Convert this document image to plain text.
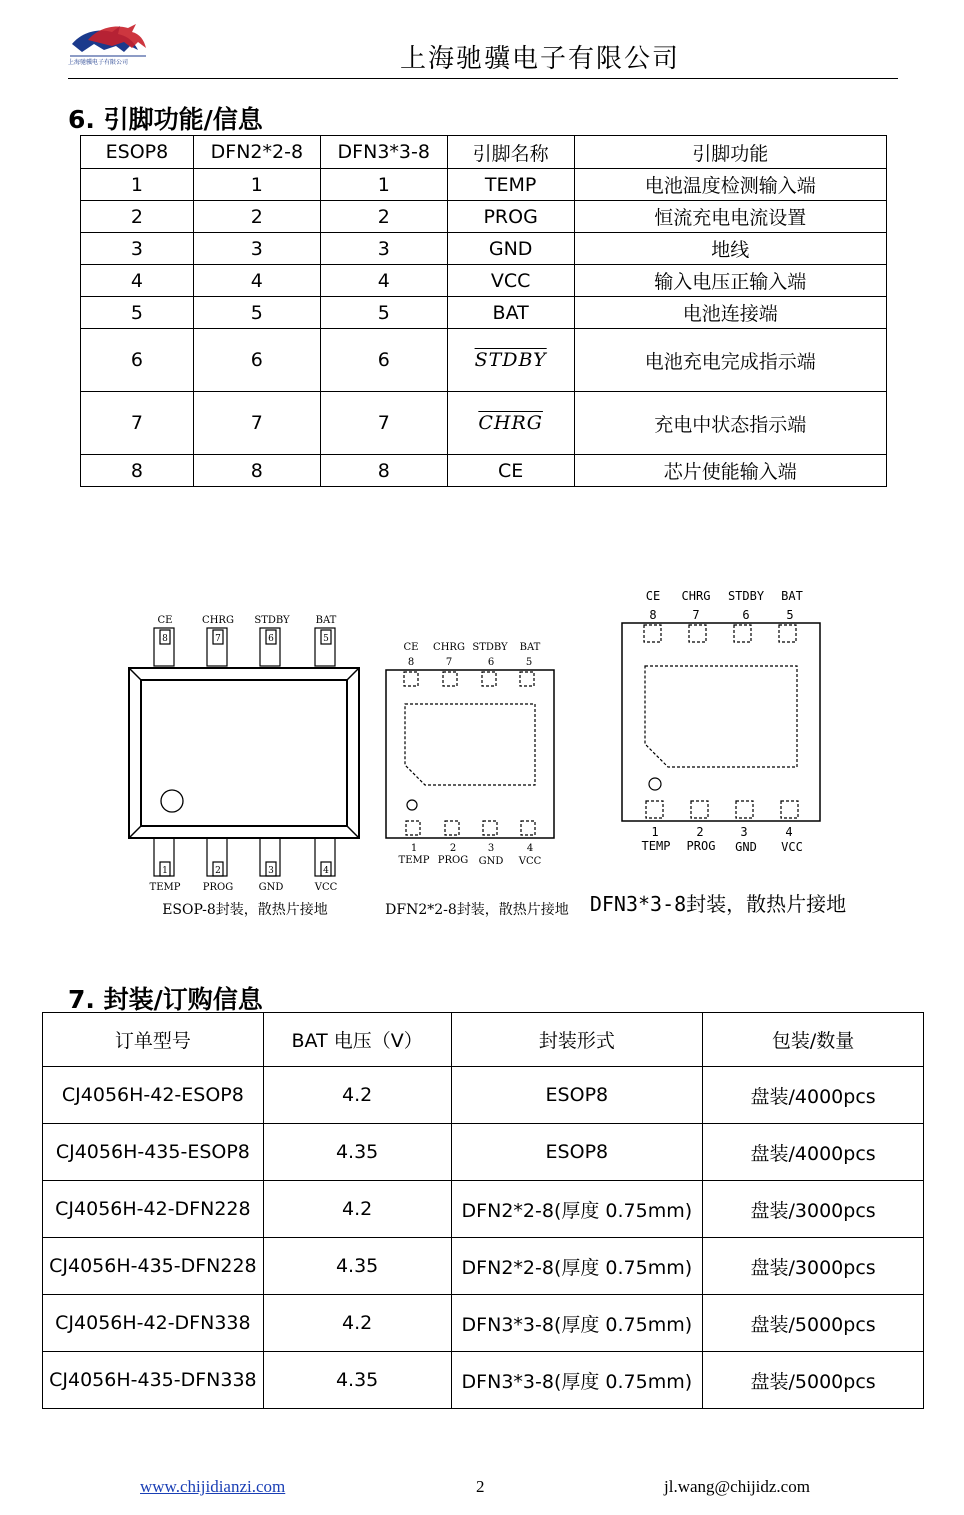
上海驰骥电子有限公司	上海驰骥电子有限公司
6. 引脚功能/信息
ESOP8	DFN2*2-8	DFN3*3-8	引脚名称	引脚功能
1	1	1	TEMP	电池温度检测输入端
2	2	2	PROG	恒流充电电流设置
3	3	3	GND	地线
4	4	4	VCC	输入电压正输入端
5	5	5	BAT	电池连接端
6	6	6	STDBY	电池充电完成指示端
7	7	7	CHRG	充电中状态指示端
8	8	8	CE	芯片使能输入端
CE	CHRG STDBY	BAT
8	7	6	5
1	2	3	4
TEMP PROG	GND	VCC
ESOP-8封装，散热片接地
CE CHRG STDBY BAT
8	7	6	5
1	2	3	4
TEMP PROG GND VCC
DFN2*2-8封装，散热片接地
CE CHRG STDBY BAT
8	7	6	5
1	2	3	4
TEMP PROG GND VCC
DFN3*3-8封装，散热片接地
7. 封装/订购信息
订单型号	BAT 电压（V）	封装形式	包装/数量
CJ4056H-42-ESOP8	4.2	ESOP8	盘装/4000pcs
CJ4056H-435-ESOP8	4.35	ESOP8	盘装/4000pcs
CJ4056H-42-DFN228	4.2	DFN2*2-8(厚度 0.75mm)	盘装/3000pcs
CJ4056H-435-DFN228	4.35	DFN2*2-8(厚度 0.75mm)	盘装/3000pcs
CJ4056H-42-DFN338	4.2	DFN3*3-8(厚度 0.75mm)	盘装/5000pcs
CJ4056H-435-DFN338	4.35	DFN3*3-8(厚度 0.75mm)	盘装/5000pcs
www.chijidianzi.com	2	jl.wang@chijidz.com
